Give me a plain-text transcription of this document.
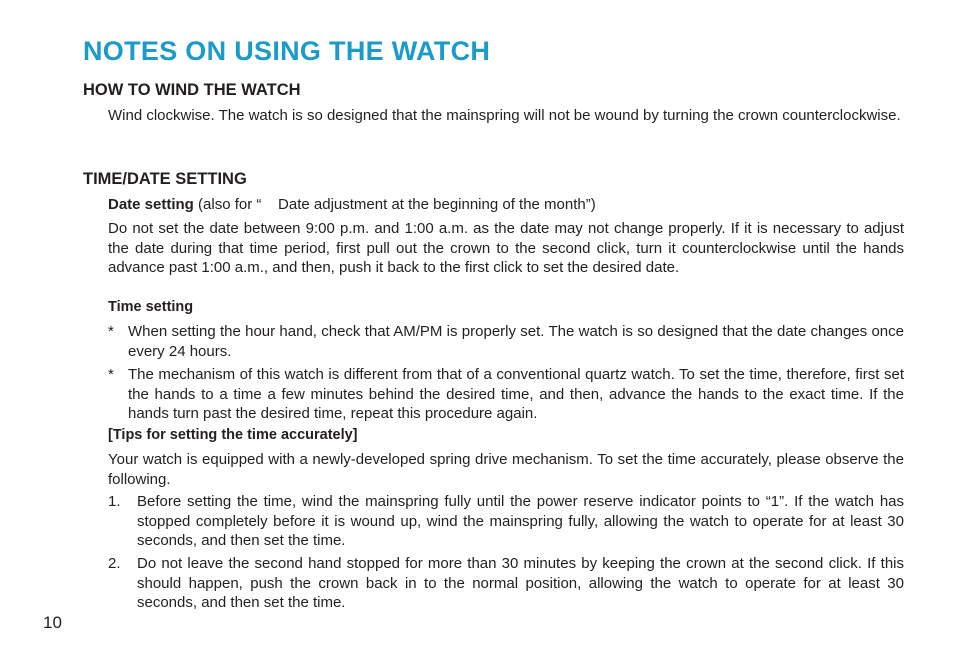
NOTES ON USING THE WATCH
HOW TO WIND THE WATCH

Wind clockwise. The watch is so designed that the mainspring will not be wound by turning the crown counterclockwise.

TIME/DATE SETTING

Date setting (also for “    Date adjustment at the beginning of the month”)

Do not set the date between 9:00 p.m. and 1:00 a.m. as the date may not change properly. If it is necessary to adjust the date during that time period, first pull out the crown to the second click, turn it counterclockwise until the hands advance past 1:00 a.m., and then, push it back to the first click to set the desired date.

Time setting

* When setting the hour hand, check that AM/PM is properly set. The watch is so designed that the date changes once every 24 hours.
* The mechanism of this watch is different from that of a conventional quartz watch. To set the time, therefore, first set the hands to a time a few minutes behind the desired time, and then, advance the hands to the exact time. If the hands turn past the desired time, repeat this procedure again.

[Tips for setting the time accurately]

Your watch is equipped with a newly-developed spring drive mechanism. To set the time accurately, please observe the following.

1. Before setting the time, wind the mainspring fully until the power reserve indicator points to “1”. If the watch has stopped completely before it is wound up, wind the mainspring fully, allowing the watch to operate for at least 30 seconds, and then set the time.
2. Do not leave the second hand stopped for more than 30 minutes by keeping the crown at the second click. If this should happen, push the crown back in to the normal position, allowing the watch to operate for at least 30 seconds, and then set the time.

10
